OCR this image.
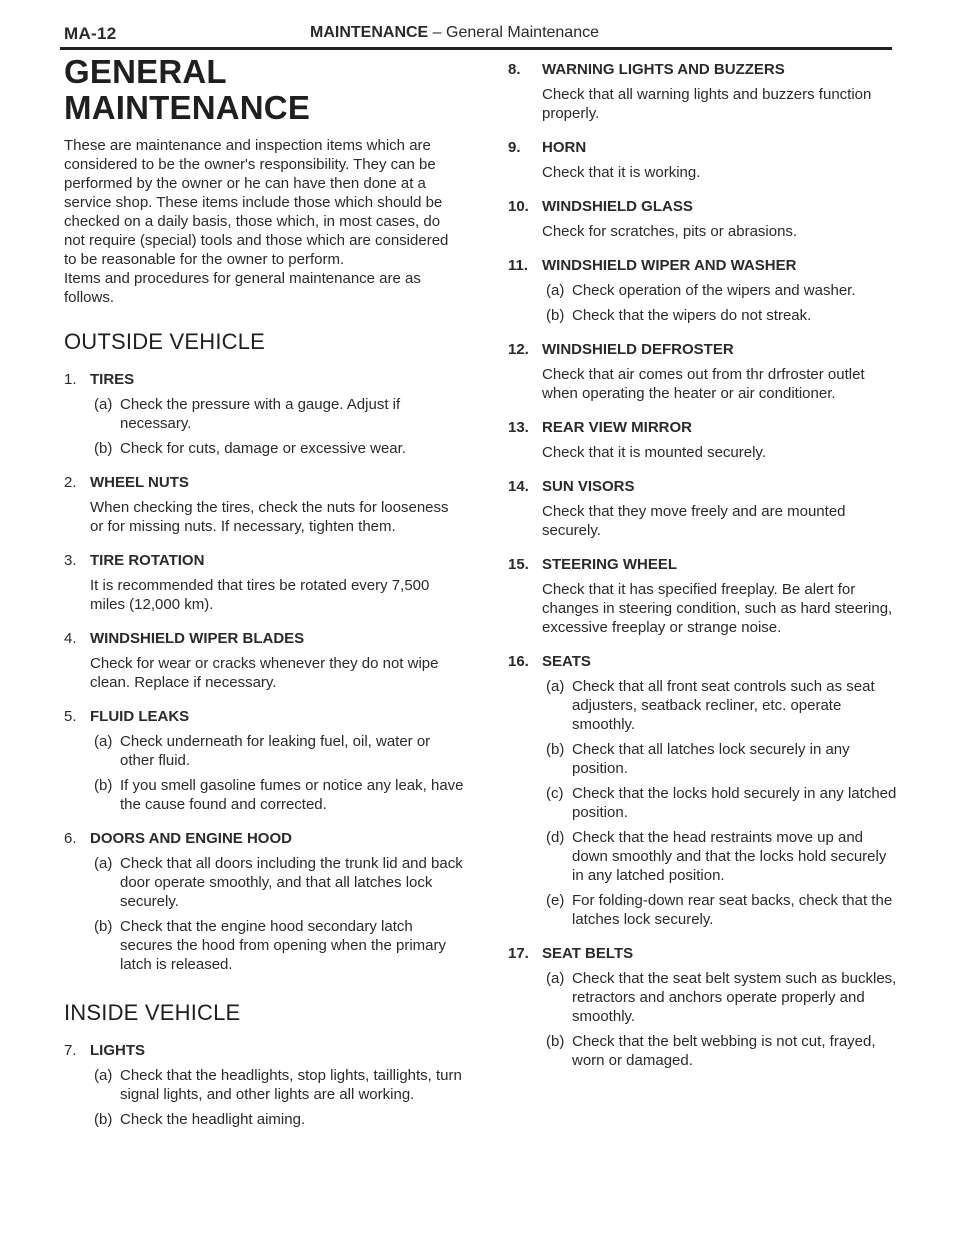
MA-12	MAINTENANCE – General Maintenance
GENERAL MAINTENANCE

These are maintenance and inspection items which are considered to be the owner's responsibility. They can be performed by the owner or he can have then done at a service shop. These items include those which should be checked on a daily basis, those which, in most cases, do not require (special) tools and those which are considered to be reasonable for the owner to perform.

Items and procedures for general maintenance are as follows.

OUTSIDE VEHICLE
1. TIRES
(a) Check the pressure with a gauge. Adjust if necessary.
(b) Check for cuts, damage or excessive wear.
2. WHEEL NUTS
When checking the tires, check the nuts for looseness or for missing nuts. If necessary, tighten them.
3. TIRE ROTATION
It is recommended that tires be rotated every 7,500 miles (12,000 km).
4. WINDSHIELD WIPER BLADES
Check for wear or cracks whenever they do not wipe clean. Replace if necessary.
5. FLUID LEAKS
(a) Check underneath for leaking fuel, oil, water or other fluid.
(b) If you smell gasoline fumes or notice any leak, have the cause found and corrected.
6. DOORS AND ENGINE HOOD
(a) Check that all doors including the trunk lid and back door operate smoothly, and that all latches lock securely.
(b) Check that the engine hood secondary latch secures the hood from opening when the primary latch is released.
INSIDE VEHICLE
7. LIGHTS
(a) Check that the headlights, stop lights, taillights, turn signal lights, and other lights are all working.
(b) Check the headlight aiming.
8.	WARNING LIGHTS AND BUZZERS
Check that all warning lights and buzzers function properly.
9.	HORN
Check that it is working.
10. WINDSHIELD GLASS
Check for scratches, pits or abrasions.
11. WINDSHIELD WIPER AND WASHER
(a) Check operation of the wipers and washer.
(b) Check that the wipers do not streak.
12. WINDSHIELD DEFROSTER
Check that air comes out from thr drfroster outlet when operating the heater or air conditioner.
13. REAR VIEW MIRROR
Check that it is mounted securely.
14. SUN VISORS
Check that they move freely and are mounted securely.
15. STEERING WHEEL
Check that it has specified freeplay. Be alert for changes in steering condition, such as hard steering, excessive freeplay or strange noise.
16. SEATS
(a) Check that all front seat controls such as seat adjusters, seatback recliner, etc. operate smoothly.
(b) Check that all latches lock securely in any position.
(c) Check that the locks hold securely in any latched position.
(d) Check that the head restraints move up and down smoothly and that the locks hold securely in any latched position.
(e) For folding-down rear seat backs, check that the latches lock securely.
17. SEAT BELTS
(a) Check that the seat belt system such as buckles, retractors and anchors operate properly and smoothly.
(b) Check that the belt webbing is not cut, frayed, worn or damaged.
